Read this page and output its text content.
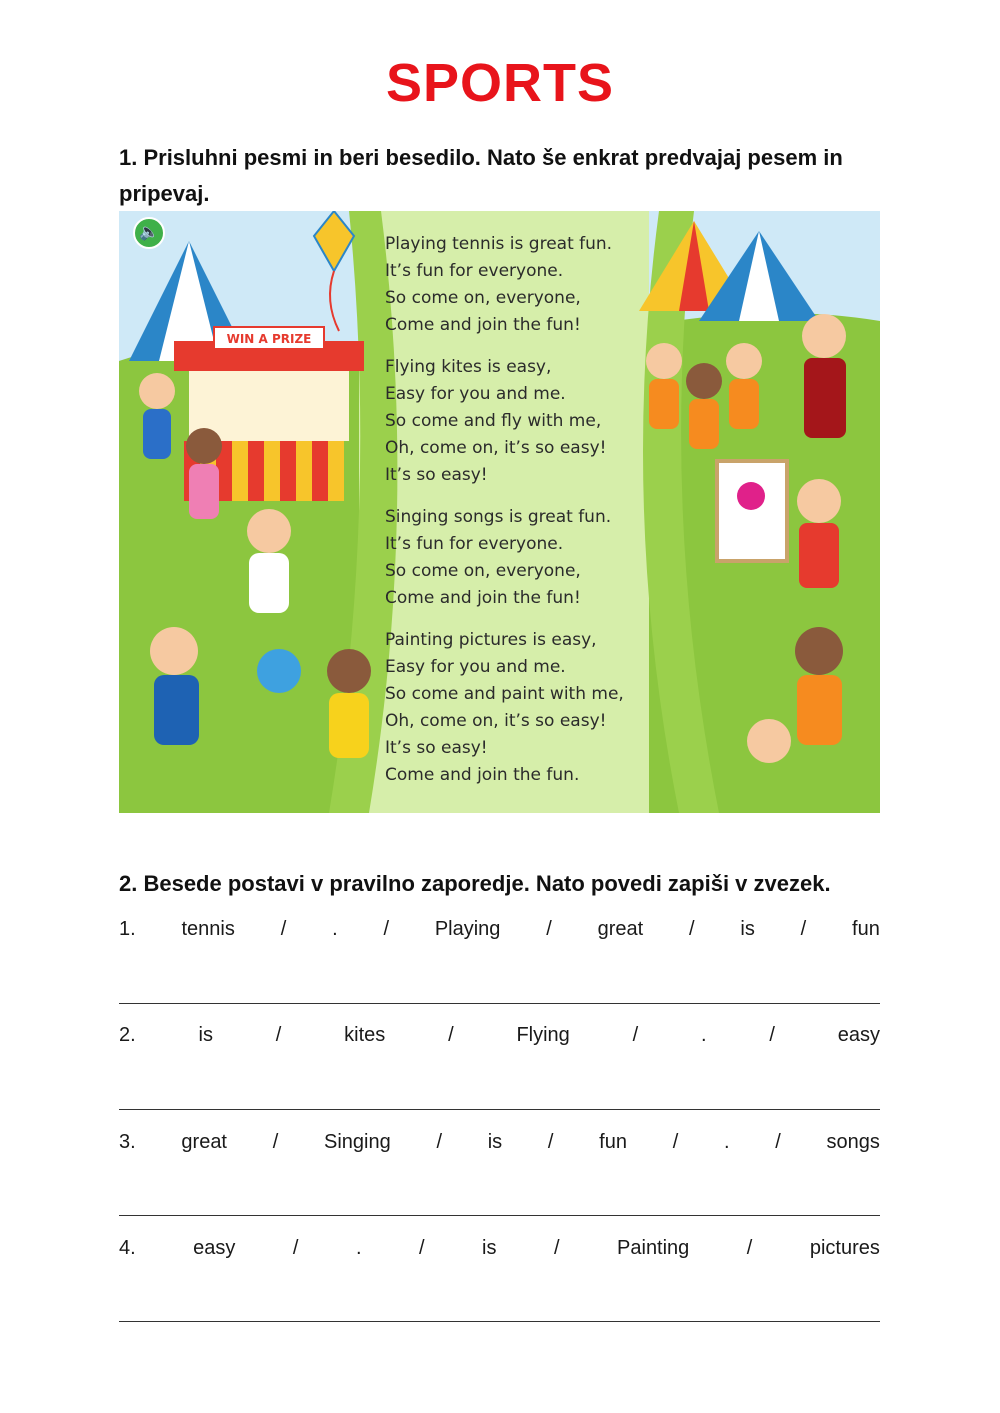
SPORTS
1. Prisluhni pesmi in beri besedilo. Nato še enkrat predvajaj pesem in pripevaj.
WIN A PRIZE
🔈
Playing tennis is great fun.
It’s fun for everyone.
So come on, everyone,
Come and join the fun!
Flying kites is easy,
Easy for you and me.
So come and fly with me,
Oh, come on, it’s so easy!
It’s so easy!
Singing songs is great fun.
It’s fun for everyone.
So come on, everyone,
Come and join the fun!
Painting pictures is easy,
Easy for you and me.
So come and paint with me,
Oh, come on, it’s so easy!
It’s so easy!
Come and join the fun.
2. Besede postavi v pravilno zaporedje. Nato povedi zapiši v zvezek.
1. tennis / . / Playing / great / is / fun
2.	is	/	kites	/	Flying	/	.	/	easy
3. great / Singing / is / fun / . / songs
4.	easy	/	.	/	is	/	Painting	/	pictures
